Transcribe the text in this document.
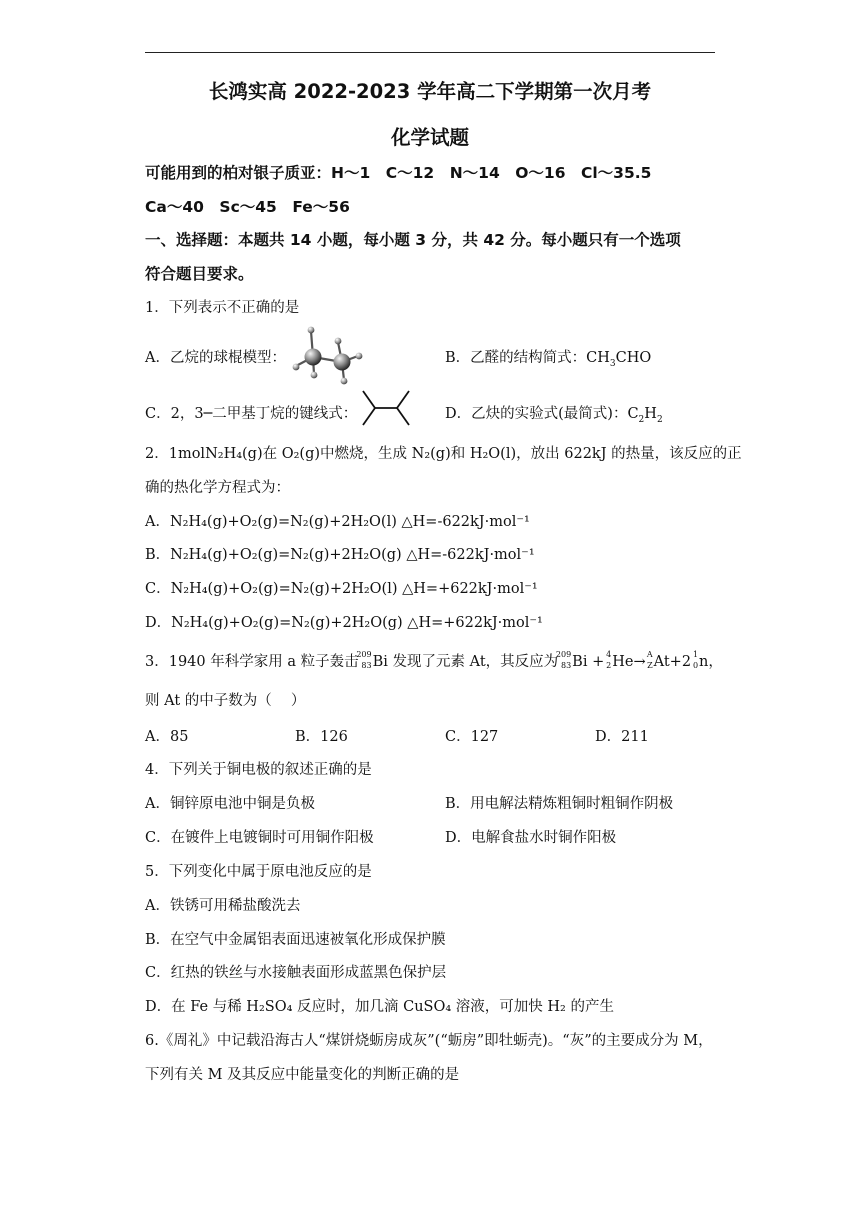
长鸿实高 2022-2023 学年高二下学期第一次月考
化学试题
可能用到的柏对银子质亚：H～1　C～12　N～14　O～16　Cl～35.5
Ca～40　Sc～45　Fe～56
一、选择题：本题共 14 小题，每小题 3 分，共 42 分。每小题只有一个选项
符合题目要求。
1．下列表示不正确的是
A．乙烷的球棍模型：	B．乙醛的结构简式：$CH_3CHO$
C．2，3─二甲基丁烷的键线式：	D．乙炔的实验式(最简式)：$C_2H_2$
2．1molN₂H₄(g)在 O₂(g)中燃烧，生成 N₂(g)和 H₂O(l)，放出 622kJ 的热量，该反应的正
确的热化学方程式为：
A．N₂H₄(g)+O₂(g)=N₂(g)+2H₂O(l) △H=-622kJ·mol⁻¹
B．N₂H₄(g)+O₂(g)=N₂(g)+2H₂O(g) △H=-622kJ·mol⁻¹
C．N₂H₄(g)+O₂(g)=N₂(g)+2H₂O(l) △H=+622kJ·mol⁻¹
D．N₂H₄(g)+O₂(g)=N₂(g)+2H₂O(g) △H=+622kJ·mol⁻¹
3．1940 年科学家用 a 粒子轰击
209
83 Bi 发现了元素 At，其反应为
209
83 Bi + 4
2 He→ A
Z At+2 1
0 n，
则 At 的中子数为（　 ）
A．85	B．126	C．127	D．211
4．下列关于铜电极的叙述正确的是
A．铜锌原电池中铜是负极	B．用电解法精炼粗铜时粗铜作阴极
C．在镀件上电镀铜时可用铜作阳极	D．电解食盐水时铜作阳极
5．下列变化中属于原电池反应的是
A．铁锈可用稀盐酸洗去
B．在空气中金属铝表面迅速被氧化形成保护膜
C．红热的铁丝与水接触表面形成蓝黑色保护层
D．在 Fe 与稀 H₂SO₄ 反应时，加几滴 CuSO₄ 溶液，可加快 H₂ 的产生
6.《周礼》中记载沿海古人“煤饼烧蛎房成灰”(“蛎房”即牡蛎壳)。“灰”的主要成分为 M，
下列有关 M 及其反应中能量变化的判断正确的是
